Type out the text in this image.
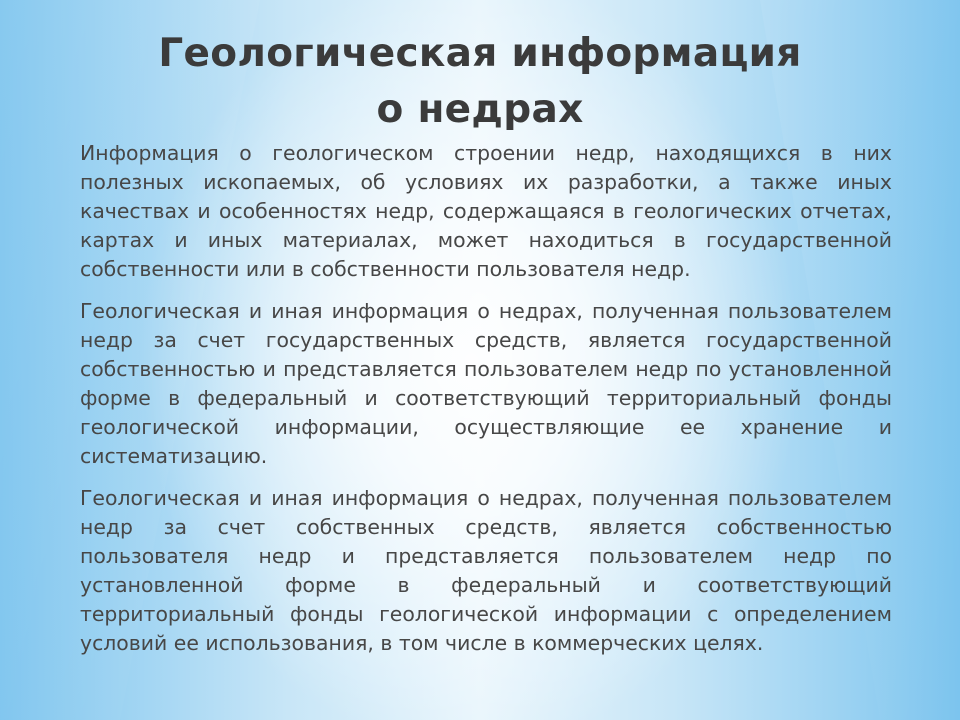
Геологическая информация
о недрах

Информация о геологическом строении недр, находящихся в них полезных ископаемых, об условиях их разработки, а также иных качествах и особенностях недр, содержащаяся в геологических отчетах, картах и иных материалах, может находиться в государственной собственности или в собственности пользователя недр.

Геологическая и иная информация о недрах, полученная пользователем недр за счет государственных средств, является государственной собственностью и представляется пользователем недр по установленной форме в федеральный и соответствующий территориальный фонды геологической информации, осуществляющие ее хранение и систематизацию.

Геологическая и иная информация о недрах, полученная пользователем недр за счет собственных средств, является собственностью пользователя недр и представляется пользователем недр по установленной форме в федеральный и соответствующий территориальный фонды геологической информации с определением условий ее использования, в том числе в коммерческих целях.
